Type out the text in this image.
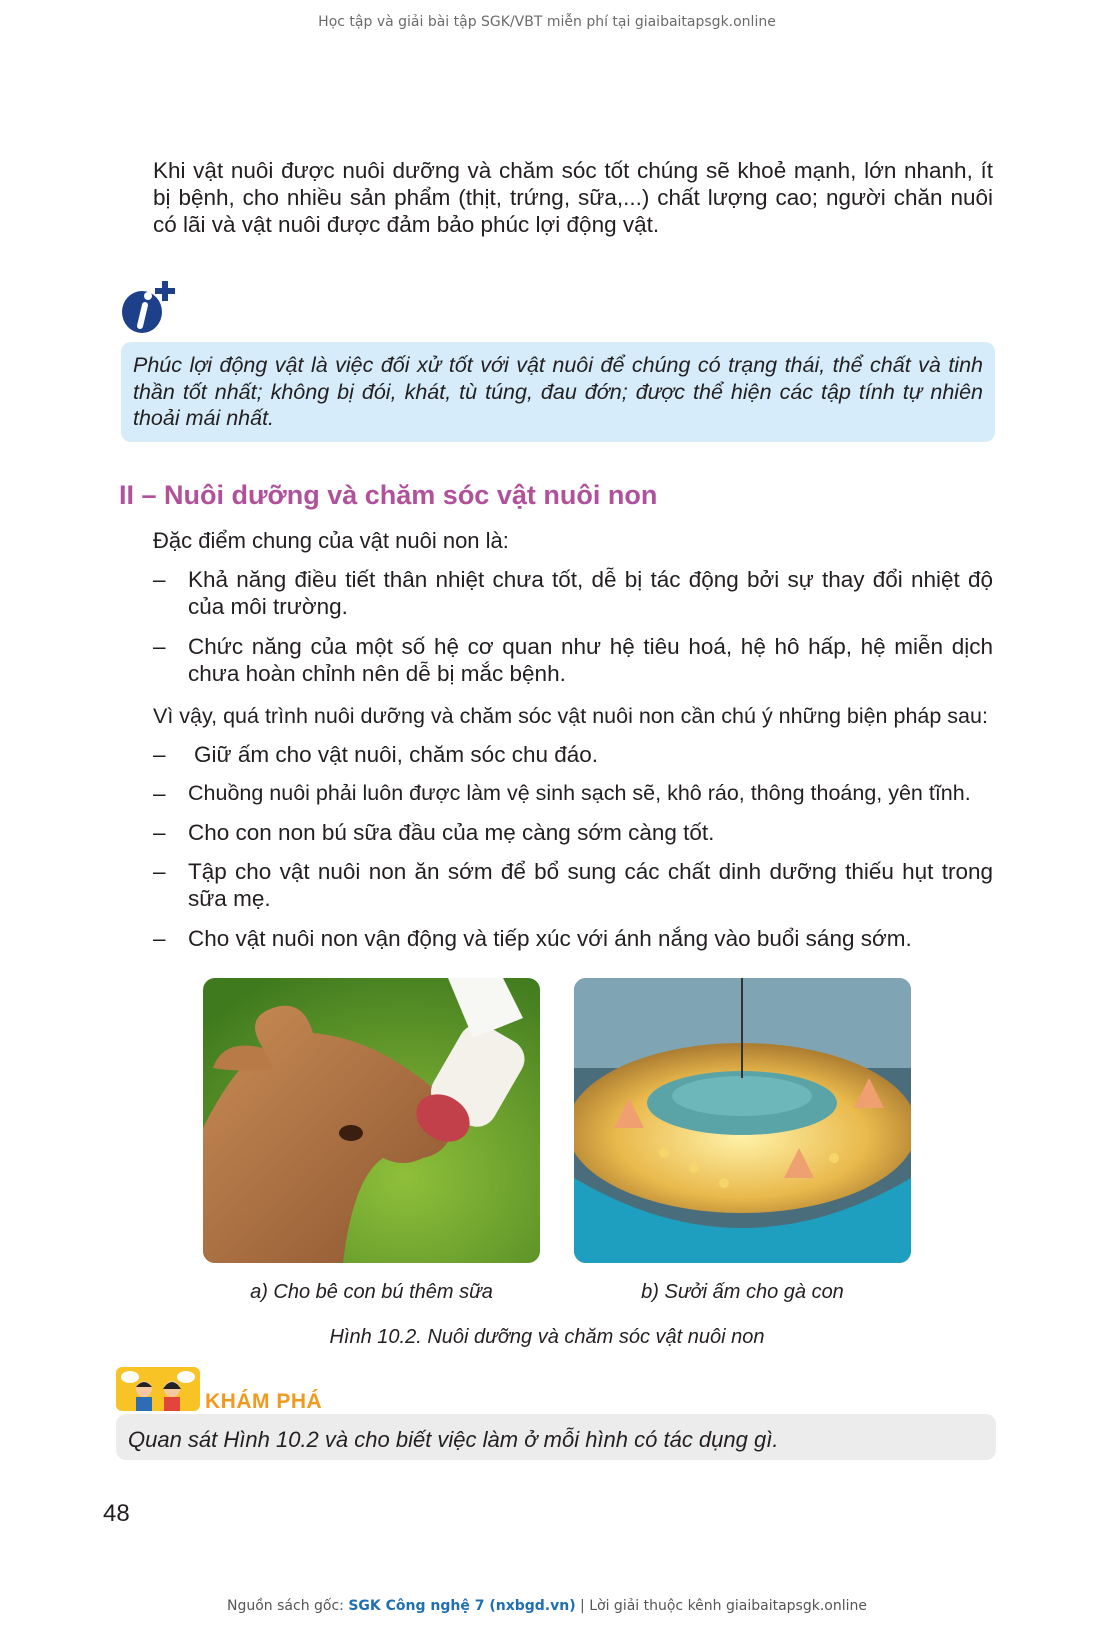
Học tập và giải bài tập SGK/VBT miễn phí tại giaibaitapsgk.online
Khi vật nuôi được nuôi dưỡng và chăm sóc tốt chúng sẽ khoẻ mạnh, lớn nhanh, ít bị bệnh, cho nhiều sản phẩm (thịt, trứng, sữa,...) chất lượng cao; người chăn nuôi có lãi và vật nuôi được đảm bảo phúc lợi động vật.
Phúc lợi động vật là việc đối xử tốt với vật nuôi để chúng có trạng thái, thể chất và tinh thần tốt nhất; không bị đói, khát, tù túng, đau đớn; được thể hiện các tập tính tự nhiên thoải mái nhất.
II – Nuôi dưỡng và chăm sóc vật nuôi non
Đặc điểm chung của vật nuôi non là:
– Khả năng điều tiết thân nhiệt chưa tốt, dễ bị tác động bởi sự thay đổi nhiệt độ của môi trường.
– Chức năng của một số hệ cơ quan như hệ tiêu hoá, hệ hô hấp, hệ miễn dịch chưa hoàn chỉnh nên dễ bị mắc bệnh.
Vì vậy, quá trình nuôi dưỡng và chăm sóc vật nuôi non cần chú ý những biện pháp sau:
– Giữ ấm cho vật nuôi, chăm sóc chu đáo.
– Chuồng nuôi phải luôn được làm vệ sinh sạch sẽ, khô ráo, thông thoáng, yên tĩnh.
– Cho con non bú sữa đầu của mẹ càng sớm càng tốt.
– Tập cho vật nuôi non ăn sớm để bổ sung các chất dinh dưỡng thiếu hụt trong sữa mẹ.
– Cho vật nuôi non vận động và tiếp xúc với ánh nắng vào buổi sáng sớm.
a) Cho bê con bú thêm sữa	b) Sưởi ấm cho gà con
Hình 10.2. Nuôi dưỡng và chăm sóc vật nuôi non
KHÁM PHÁ
Quan sát Hình 10.2 và cho biết việc làm ở mỗi hình có tác dụng gì.
48
Nguồn sách gốc: SGK Công nghệ 7 (nxbgd.vn) | Lời giải thuộc kênh giaibaitapsgk.online
